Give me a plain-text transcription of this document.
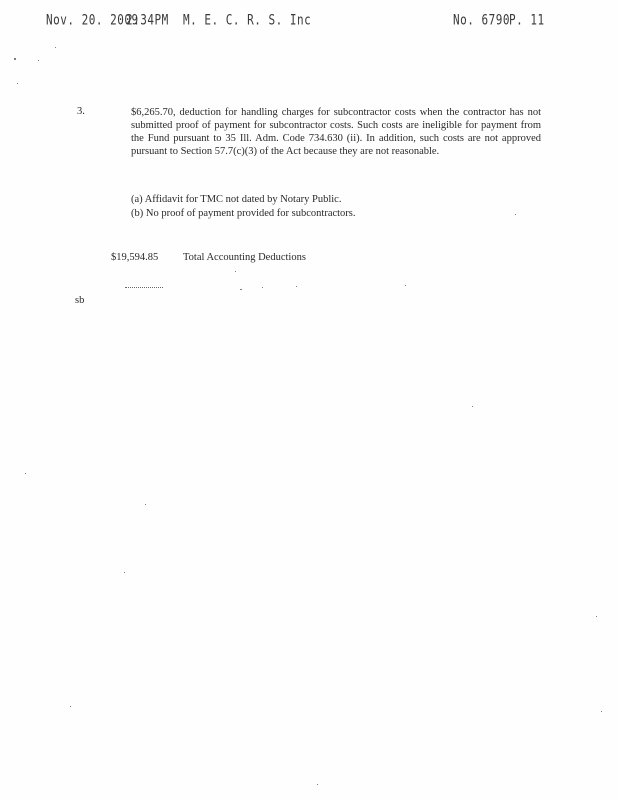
Nov. 20. 2009
2:34PM M. E. C. R. S. Inc	No. 6790 P. 11
3.	$6,265.70, deduction for handling charges for subcontractor costs when the contractor has not submitted proof of payment for subcontractor costs. Such costs are ineligible for payment from the Fund pursuant to 35 Ill. Adm. Code 734.630 (ii). In addition, such costs are not approved pursuant to Section 57.7(c)(3) of the Act because they are not reasonable.
(a) Affidavit for TMC not dated by Notary Public.
(b) No proof of payment provided for subcontractors.
$19,594.85 Total Accounting Deductions
sb
